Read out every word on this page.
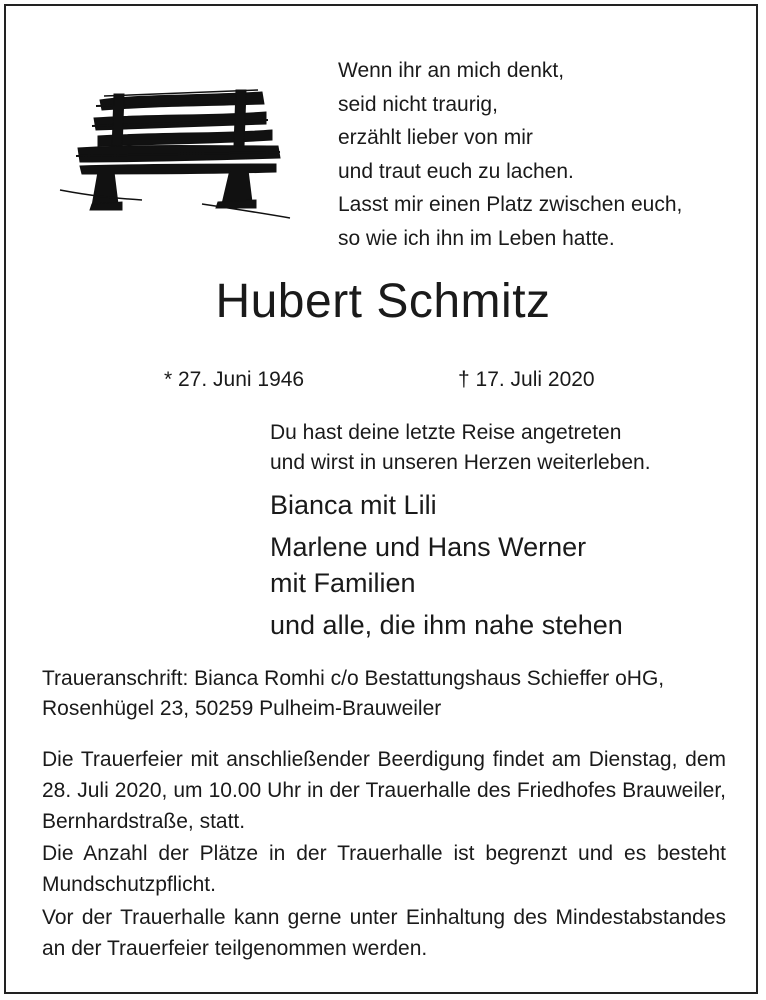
Wenn ihr an mich denkt,
seid nicht traurig,
erzählt lieber von mir
und traut euch zu lachen.
Lasst mir einen Platz zwischen euch,
so wie ich ihn im Leben hatte.
Hubert Schmitz
* 27. Juni 1946	† 17. Juli 2020
Du hast deine letzte Reise angetreten
und wirst in unseren Herzen weiterleben.
Bianca mit Lili
Marlene und Hans Werner
mit Familien
und alle, die ihm nahe stehen
Traueranschrift: Bianca Romhi c/o Bestattungshaus Schieffer oHG,
Rosenhügel 23, 50259 Pulheim-Brauweiler
Die Trauerfeier mit anschließender Beerdigung findet am Dienstag, dem 28. Juli 2020, um 10.00 Uhr in der Trauerhalle des Friedhofes Brauweiler, Bernhardstraße, statt.
Die Anzahl der Plätze in der Trauerhalle ist begrenzt und es besteht Mundschutzpflicht.
Vor der Trauerhalle kann gerne unter Einhaltung des Mindestabstandes an der Trauerfeier teilgenommen werden.
